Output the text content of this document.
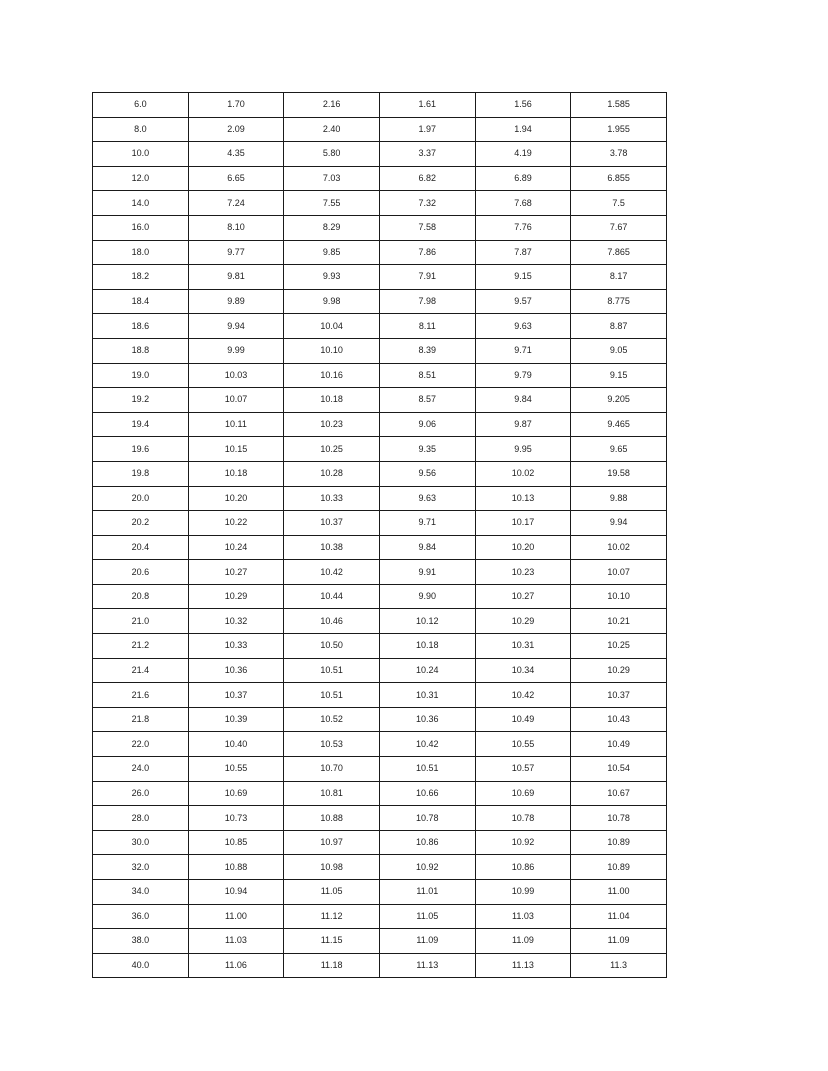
6.0	1.70	2.16	1.61	1.56	1.585
8.0	2.09	2.40	1.97	1.94	1.955
10.0	4.35	5.80	3.37	4.19	3.78
12.0	6.65	7.03	6.82	6.89	6.855
14.0	7.24	7.55	7.32	7.68	7.5
16.0	8.10	8.29	7.58	7.76	7.67
18.0	9.77	9.85	7.86	7.87	7.865
18.2	9.81	9.93	7.91	9.15	8.17
18.4	9.89	9.98	7.98	9.57	8.775
18.6	9.94	10.04	8.11	9.63	8.87
18.8	9.99	10.10	8.39	9.71	9.05
19.0	10.03	10.16	8.51	9.79	9.15
19.2	10.07	10.18	8.57	9.84	9.205
19.4	10.11	10.23	9.06	9.87	9.465
19.6	10.15	10.25	9.35	9.95	9.65
19.8	10.18	10.28	9.56	10.02	19.58
20.0	10.20	10.33	9.63	10.13	9.88
20.2	10.22	10.37	9.71	10.17	9.94
20.4	10.24	10.38	9.84	10.20	10.02
20.6	10.27	10.42	9.91	10.23	10.07
20.8	10.29	10.44	9.90	10.27	10.10
21.0	10.32	10.46	10.12	10.29	10.21
21.2	10.33	10.50	10.18	10.31	10.25
21.4	10.36	10.51	10.24	10.34	10.29
21.6	10.37	10.51	10.31	10.42	10.37
21.8	10.39	10.52	10.36	10.49	10.43
22.0	10.40	10.53	10.42	10.55	10.49
24.0	10.55	10.70	10.51	10.57	10.54
26.0	10.69	10.81	10.66	10.69	10.67
28.0	10.73	10.88	10.78	10.78	10.78
30.0	10.85	10.97	10.86	10.92	10.89
32.0	10.88	10.98	10.92	10.86	10.89
34.0	10.94	11.05	11.01	10.99	11.00
36.0	11.00	11.12	11.05	11.03	11.04
38.0	11.03	11.15	11.09	11.09	11.09
40.0	11.06	11.18	11.13	11.13	11.3
